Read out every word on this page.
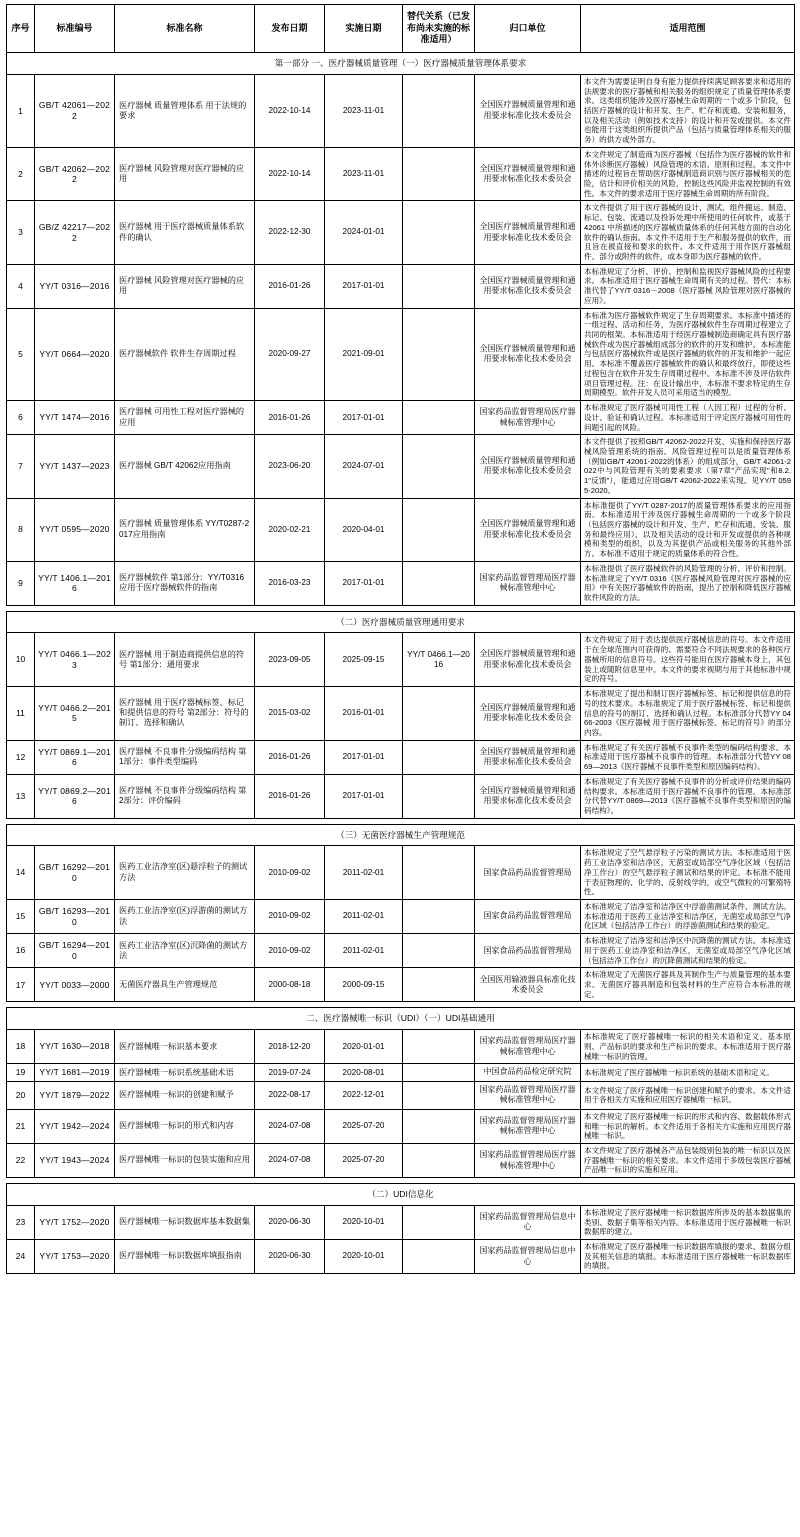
序号	标准编号	标准名称	发布日期	实施日期	替代关系（已发布尚未实施的标准适用）	归口单位	适用范围
第一部分 一、医疗器械质量管理（一）医疗器械质量管理体系要求							
1	GB/T 42061—2022	医疗器械 质量管理体系 用于法规的要求	2022-10-14	2023-11-01		全国医疗器械质量管理和通用要求标准化技术委员会	本文件为需要证明自身有能力提供持续满足顾客要求和适用的法规要求的医疗器械和相关服务的组织规定了质量管理体系要求。这类组织能涉及医疗器械生命周期的一个或多个阶段，包括医疗器械的设计和开发、生产、贮存和流通、安装和服务，以及相关活动（例如技术支持）的设计和开发或提供。本文件也能用于这类组织所提供产品（包括与质量管理体系相关的服务）的供方或外部方。
2	GB/T 42062—2022	医疗器械 风险管理对医疗器械的应用	2022-10-14	2023-11-01		全国医疗器械质量管理和通用要求标准化技术委员会	本文件规定了制造商为医疗器械（包括作为医疗器械的软件和体外诊断医疗器械）风险管理的术语、原则和过程。本文件中描述的过程旨在帮助医疗器械制造商识别与医疗器械相关的危险，估计和评价相关的风险，控制这些风险并监视控制的有效性。本文件的要求适用于医疗器械生命周期的所有阶段。
3	GB/Z 42217—2022	医疗器械 用于医疗器械质量体系软件的确认	2022-12-30	2024-01-01		全国医疗器械质量管理和通用要求标准化技术委员会	本文件提供了用于医疗器械的设计、测试、组件搬运、制造、标记、包装、流通以及投诉处理中所使用的任何软件，或基于 42061 中所描述的医疗器械质量体系的任何其他方面的自动化软件的确认指南。本文件不适用于生产和服务提供的软件，而且旨在被直接和要求的软件。本文件适用于用作医疗器械组件、部分或附件的软件，或本身即为医疗器械的软件。
4	YY/T 0316—2016	医疗器械 风险管理对医疗器械的应用	2016-01-26	2017-01-01		全国医疗器械质量管理和通用要求标准化技术委员会	本标准规定了分析、评价、控制和监视医疗器械风险的过程要求。本标准适用于医疗器械生命周期有关的过程。替代：本标准代替了YY/T 0316－2008《医疗器械 风险管理对医疗器械的应用》。
5	YY/T 0664—2020	医疗器械软件 软件生存周期过程	2020-09-27	2021-09-01		全国医疗器械质量管理和通用要求标准化技术委员会	本标准为医疗器械软件规定了生存周期要求。本标准中描述的一组过程、活动和任务，为医疗器械软件生存周期过程建立了共同的框架。本标准适用于经医疗器械制造商确定具有医疗器械软件或为医疗器械组成部分的软件的开发和维护。本标准能与包括医疗器械软件或是医疗器械的软件的开发和维护一起应用。本标准不覆盖医疗器械软件的确认和最终放行，即使这些过程包含在软件开发生存周期过程中。本标准不涉及评估软件项目管理过程。注：在设计输出中，本标准不要求特定的生存周期模型。软件开发人员可采用适当的模型。
6	YY/T 1474—2016	医疗器械 可用性工程对医疗器械的应用	2016-01-26	2017-01-01		国家药品监督管理局医疗器械标准管理中心	本标准规定了医疗器械可用性工程（人因工程）过程的分析、设计、验证和确认过程。本标准适用于评定医疗器械可用性的问题引起的风险。
7	YY/T 1437—2023	医疗器械 GB/T 42062应用指南	2023-06-20	2024-07-01		全国医疗器械质量管理和通用要求标准化技术委员会	本文件提供了按照GB/T 42062-2022开发、实施和保持医疗器械风险管理系统的指南。风险管理过程可以是质量管理体系（例如GB/T 42061-2022的体系）的组成部分，GB/T 42061-2022中与风险管理有关的要素要求（第7章"产品实现"和8.2.1"反馈"），能通过应用GB/T 42062-2022来实现。见YY/T 0595-2020。
8	YY/T 0595—2020	医疗器械 质量管理体系 YY/T0287-2017应用指南	2020-02-21	2020-04-01		全国医疗器械质量管理和通用要求标准化技术委员会	本标准提供了YY/T 0287-2017的质量管理体系要求的应用指南。本标准适用于涉及医疗器械生命周期的一个或多个阶段（包括医疗器械的设计和开发、生产、贮存和流通、安装、服务和最终应用）、以及相关活动的设计和开发或提供的各种规模和类型的组织，以及为其提供产品或相关服务的其他外部方。本标准不适用于规定的质量体系的符合性。
9	YY/T 1406.1—2016	医疗器械软件 第1部分：YY/T0316应用于医疗器械软件的指南	2016-03-23	2017-01-01		国家药品监督管理局医疗器械标准管理中心	本标准提供了医疗器械软件的风险管理的分析、评价和控制。本标准规定了YY/T 0316《医疗器械风险管理对医疗器械的应用》中有关医疗器械软件的指南，提出了控制和降低医疗器械软件风险的方法。

（二）医疗器械质量管理通用要求							
10	YY/T 0466.1—2023	医疗器械 用于制造商提供信息的符号 第1部分：通用要求	2023-09-05	2025-09-15	YY/T 0466.1—2016	全国医疗器械质量管理和通用要求标准化技术委员会	本文件规定了用于表达提供医疗器械信息的符号。本文件适用于在全球范围内可获得的、需要符合不同法规要求的各种医疗器械所用的信息符号。这些符号能用在医疗器械本身上，其包装上或随附信息里中。本文件的要求视期与用于其他标准中规定的符号。
11	YY/T 0466.2—2015	医疗器械 用于医疗器械标签、标记和提供信息的符号 第2部分：符号的制订、选择和确认	2015-03-02	2016-01-01		全国医疗器械质量管理和通用要求标准化技术委员会	本标准规定了提出和制订医疗器械标签、标记和提供信息的符号的技术要求。本标准规定了用于医疗器械标签、标记和提供信息的符号的制订、选择和确认过程。本标准部分代替YY 0466-2003《医疗器械 用于医疗器械标签、标记的符号》的部分内容。
12	YY/T 0869.1—2016	医疗器械 不良事件分级编码结构 第1部分：事件类型编码	2016-01-26	2017-01-01		全国医疗器械质量管理和通用要求标准化技术委员会	本标准规定了有关医疗器械不良事件类型的编码结构要求。本标准适用于医疗器械不良事件的管理。本标准部分代替YY 0869—2013《医疗器械不良事件类型和原因编码结构》。
13	YY/T 0869.2—2016	医疗器械 不良事件分级编码结构 第2部分：评价编码	2016-01-26	2017-01-01		全国医疗器械质量管理和通用要求标准化技术委员会	本标准规定了有关医疗器械不良事件的分析或评价结果的编码结构要求。本标准适用于医疗器械不良事件的管理。本标准部分代替YY/T 0869—2013《医疗器械不良事件类型和原因的编码结构》。

（三）无菌医疗器械生产管理规范							
14	GB/T 16292—2010	医药工业洁净室(区)悬浮粒子的测试方法	2010-09-02	2011-02-01		国家食品药品监督管理局	本标准规定了空气悬浮粒子污染的测试方法。本标准适用于医药工业洁净室和洁净区，无菌室或局部空气净化区域（包括洁净工作台）的空气悬浮粒子测试和结果的评定。本标准不能用于表征物理的、化学的、反射线学的，或空气微粒的可繁殖特性。
15	GB/T 16293—2010	医药工业洁净室(区)浮游菌的测试方法	2010-09-02	2011-02-01		国家食品药品监督管理局	本标准规定了洁净室和洁净区中浮游菌测试条件、测试方法。本标准适用于医药工业洁净室和洁净区，无菌室或局部空气净化区域（包括洁净工作台）的浮游菌测试和结果的验定。
16	GB/T 16294—2010	医药工业洁净室(区)沉降菌的测试方法	2010-09-02	2011-02-01		国家食品药品监督管理局	本标准规定了洁净室和洁净区中沉降菌的测试方法。本标准适用于医药工业洁净室和洁净区，无菌室或局部空气净化区域（包括洁净工作台）的沉降菌测试和结果的验定。
17	YY/T 0033—2000	无菌医疗器具生产管理规范	2000-08-18	2000-09-15		全国医用输液器具标准化技术委员会	本标准规定了无菌医疗器具及其制作生产与质量管理的基本要求。无菌医疗器具制造和包装材料的生产应符合本标准的规定。

二、医疗器械唯一标识（UDI）（一）UDI基础通用							
18	YY/T 1630—2018	医疗器械唯一标识基本要求	2018-12-20	2020-01-01		国家药品监督管理局医疗器械标准管理中心	本标准规定了医疗器械唯一标识的相关术语和定义、基本原则、产品标识的要求和生产标识的要求。本标准适用于医疗器械唯一标识的管理。
19	YY/T 1681—2019	医疗器械唯一标识系统基础术语	2019-07-24	2020-08-01		中国食品药品检定研究院	本标准规定了医疗器械唯一标识系统的基础术语和定义。
20	YY/T 1879—2022	医疗器械唯一标识的创建和赋予	2022-08-17	2022-12-01		国家药品监督管理局医疗器械标准管理中心	本文件规定了医疗器械唯一标识创建和赋予的要求。本文件适用于各相关方实施和应用医疗器械唯一标识。
21	YY/T 1942—2024	医疗器械唯一标识的形式和内容	2024-07-08	2025-07-20		国家药品监督管理局医疗器械标准管理中心	本文件规定了医疗器械唯一标识的形式和内容、数据载体形式和唯一标识的解析。本文件适用于各相关方实施和应用医疗器械唯一标识。
22	YY/T 1943—2024	医疗器械唯一标识的包装实施和应用	2024-07-08	2025-07-20		国家药品监督管理局医疗器械标准管理中心	本文件规定了医疗器械各产品包装级别包装的唯一标识以及医疗器械唯一标识的相关要求。本文件适用于多级包装医疗器械产品唯一标识的实施和应用。

（二）UDI信息化							
23	YY/T 1752—2020	医疗器械唯一标识数据库基本数据集	2020-06-30	2020-10-01		国家药品监督管理局信息中心	本标准规定了医疗器械唯一标识数据库所涉及的基本数据集的类别、数据子集等相关内容。本标准适用于医疗器械唯一标识数据库的建立。
24	YY/T 1753—2020	医疗器械唯一标识数据库填报指南	2020-06-30	2020-10-01		国家药品监督管理局信息中心	本标准规定了医疗器械唯一标识数据库填报的要求、数据分组及其相关信息的填报。本标准适用于医疗器械唯一标识数据库的填报。
